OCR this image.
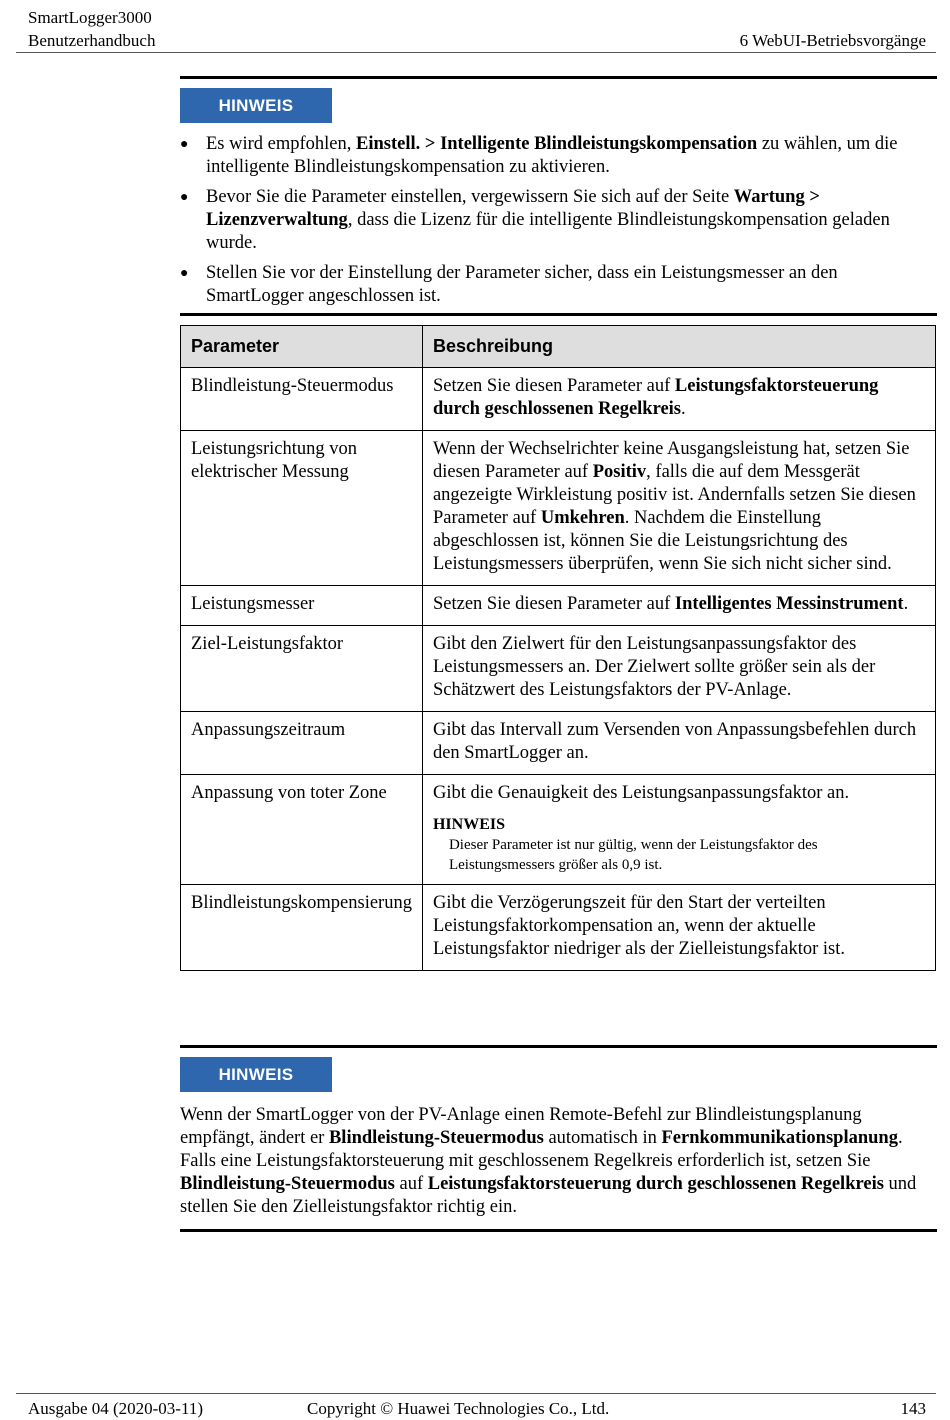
SmartLogger3000
Benutzerhandbuch	6 WebUI-Betriebsvorgänge
HINWEIS
● Es wird empfohlen, Einstell. > Intelligente Blindleistungskompensation zu wählen, um die intelligente Blindleistungskompensation zu aktivieren.
● Bevor Sie die Parameter einstellen, vergewissern Sie sich auf der Seite Wartung > Lizenzverwaltung, dass die Lizenz für die intelligente Blindleistungskompensation geladen wurde.
● Stellen Sie vor der Einstellung der Parameter sicher, dass ein Leistungsmesser an den SmartLogger angeschlossen ist.
Parameter	Beschreibung
Blindleistung-Steuermodus	Setzen Sie diesen Parameter auf Leistungsfaktorsteuerung durch geschlossenen Regelkreis.
Leistungsrichtung von elektrischer Messung	Wenn der Wechselrichter keine Ausgangsleistung hat, setzen Sie diesen Parameter auf Positiv, falls die auf dem Messgerät angezeigte Wirkleistung positiv ist. Andernfalls setzen Sie diesen Parameter auf Umkehren. Nachdem die Einstellung abgeschlossen ist, können Sie die Leistungsrichtung des Leistungsmessers überprüfen, wenn Sie sich nicht sicher sind.
Leistungsmesser	Setzen Sie diesen Parameter auf Intelligentes Messinstrument.
Ziel-Leistungsfaktor	Gibt den Zielwert für den Leistungsanpassungsfaktor des Leistungsmessers an. Der Zielwert sollte größer sein als der Schätzwert des Leistungsfaktors der PV-Anlage.
Anpassungszeitraum	Gibt das Intervall zum Versenden von Anpassungsbefehlen durch den SmartLogger an.
Anpassung von toter Zone	Gibt die Genauigkeit des Leistungsanpassungsfaktor an.
HINWEIS
Dieser Parameter ist nur gültig, wenn der Leistungsfaktor des Leistungsmessers größer als 0,9 ist.

Blindleistungskompensierung	Gibt die Verzögerungszeit für den Start der verteilten Leistungsfaktorkompensation an, wenn der aktuelle Leistungsfaktor niedriger als der Zielleistungsfaktor ist.
HINWEIS
Wenn der SmartLogger von der PV-Anlage einen Remote-Befehl zur Blindleistungsplanung empfängt, ändert er Blindleistung-Steuermodus automatisch in Fernkommunikationsplanung. Falls eine Leistungsfaktorsteuerung mit geschlossenem Regelkreis erforderlich ist, setzen Sie Blindleistung-Steuermodus auf Leistungsfaktorsteuerung durch geschlossenen Regelkreis und stellen Sie den Zielleistungsfaktor richtig ein.
Ausgabe 04 (2020-03-11)	Copyright © Huawei Technologies Co., Ltd.	143
